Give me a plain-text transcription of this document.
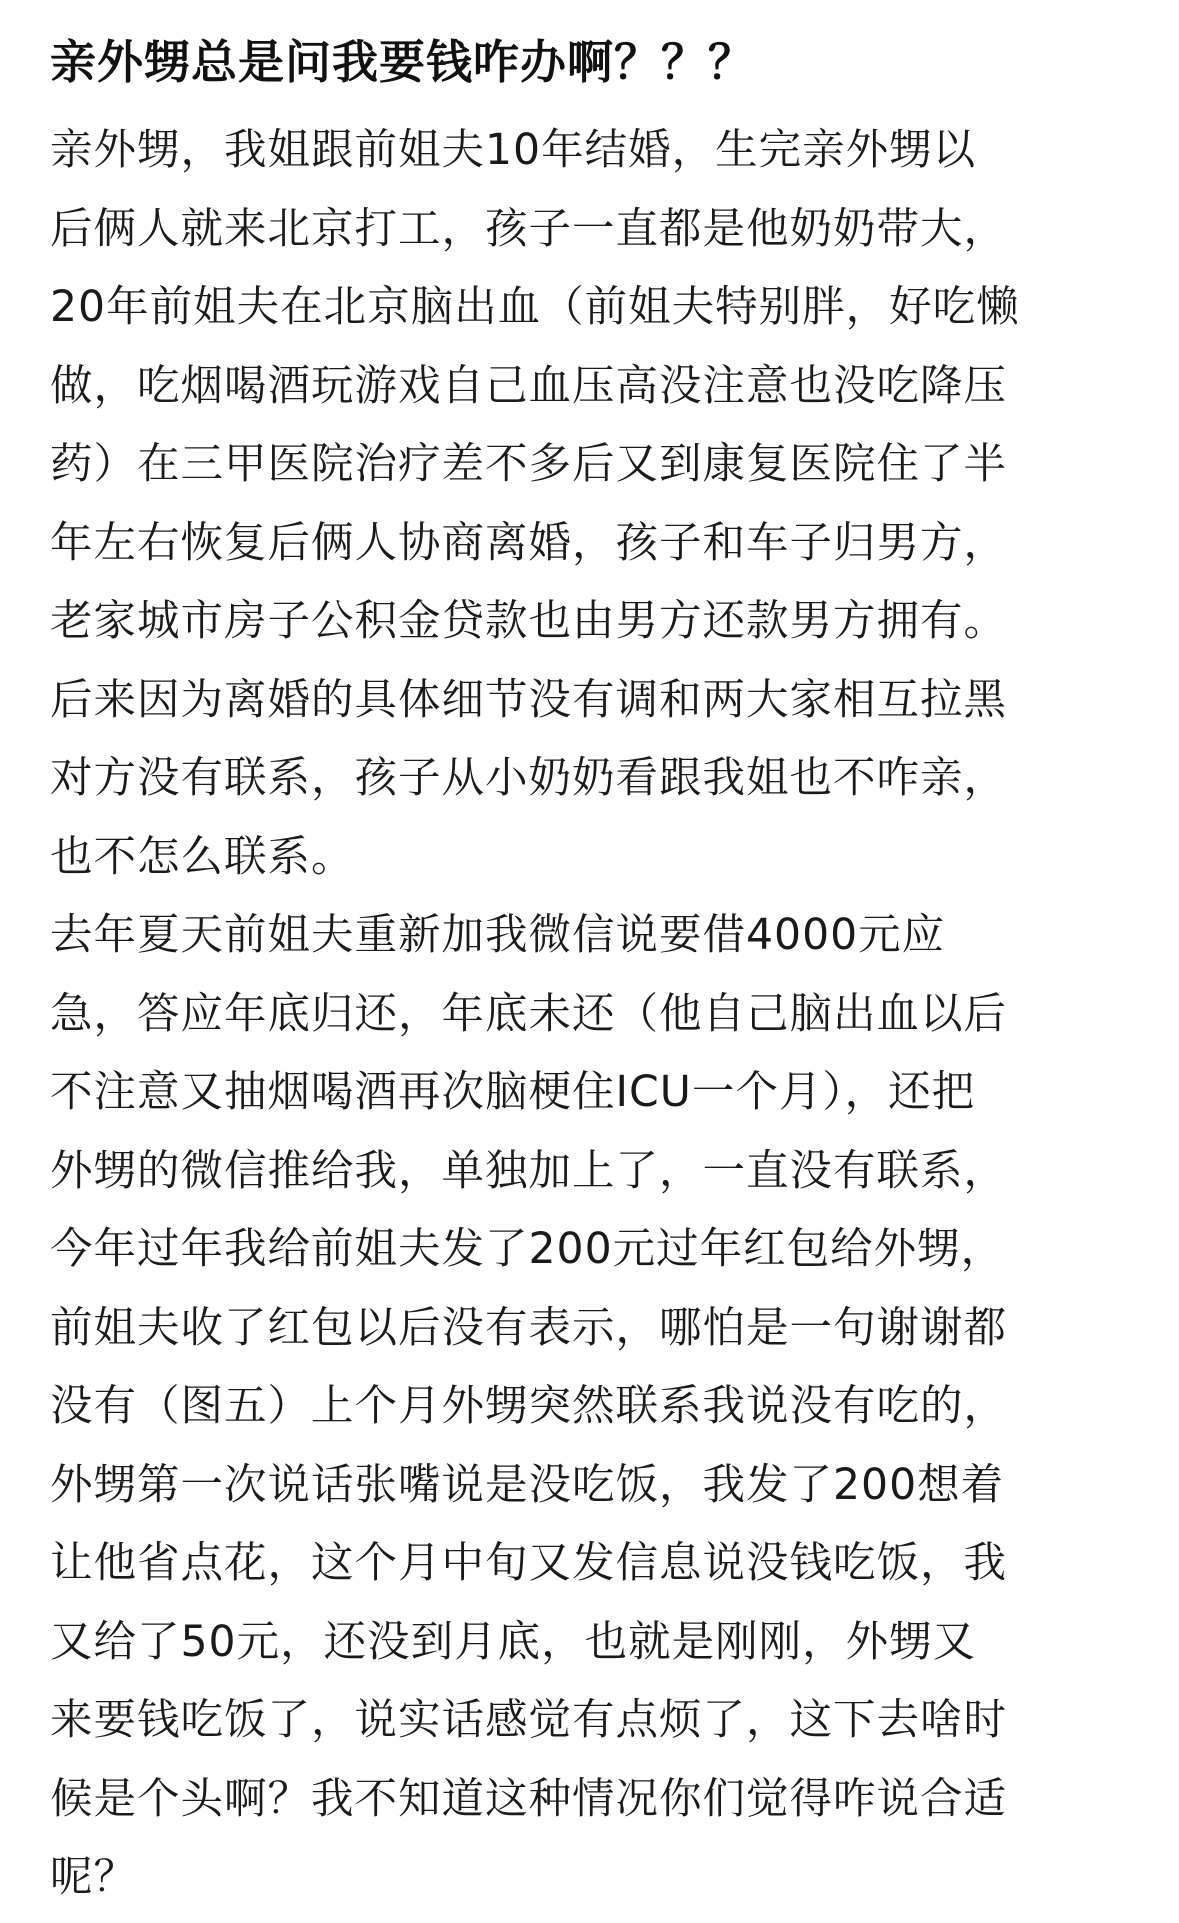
亲外甥总是问我要钱咋办啊？？？
亲外甥，我姐跟前姐夫10年结婚，生完亲外甥以
后俩人就来北京打工，孩子一直都是他奶奶带大，
20年前姐夫在北京脑出血（前姐夫特别胖，好吃懒
做，吃烟喝酒玩游戏自己血压高没注意也没吃降压
药）在三甲医院治疗差不多后又到康复医院住了半
年左右恢复后俩人协商离婚，孩子和车子归男方，
老家城市房子公积金贷款也由男方还款男方拥有。
后来因为离婚的具体细节没有调和两大家相互拉黑
对方没有联系，孩子从小奶奶看跟我姐也不咋亲，
也不怎么联系。
去年夏天前姐夫重新加我微信说要借4000元应
急，答应年底归还，年底未还（他自己脑出血以后
不注意又抽烟喝酒再次脑梗住ICU一个月），还把
外甥的微信推给我，单独加上了，一直没有联系，
今年过年我给前姐夫发了200元过年红包给外甥，
前姐夫收了红包以后没有表示，哪怕是一句谢谢都
没有（图五）上个月外甥突然联系我说没有吃的，
外甥第一次说话张嘴说是没吃饭，我发了200想着
让他省点花，这个月中旬又发信息说没钱吃饭，我
又给了50元，还没到月底，也就是刚刚，外甥又
来要钱吃饭了，说实话感觉有点烦了，这下去啥时
候是个头啊？我不知道这种情况你们觉得咋说合适
呢？
